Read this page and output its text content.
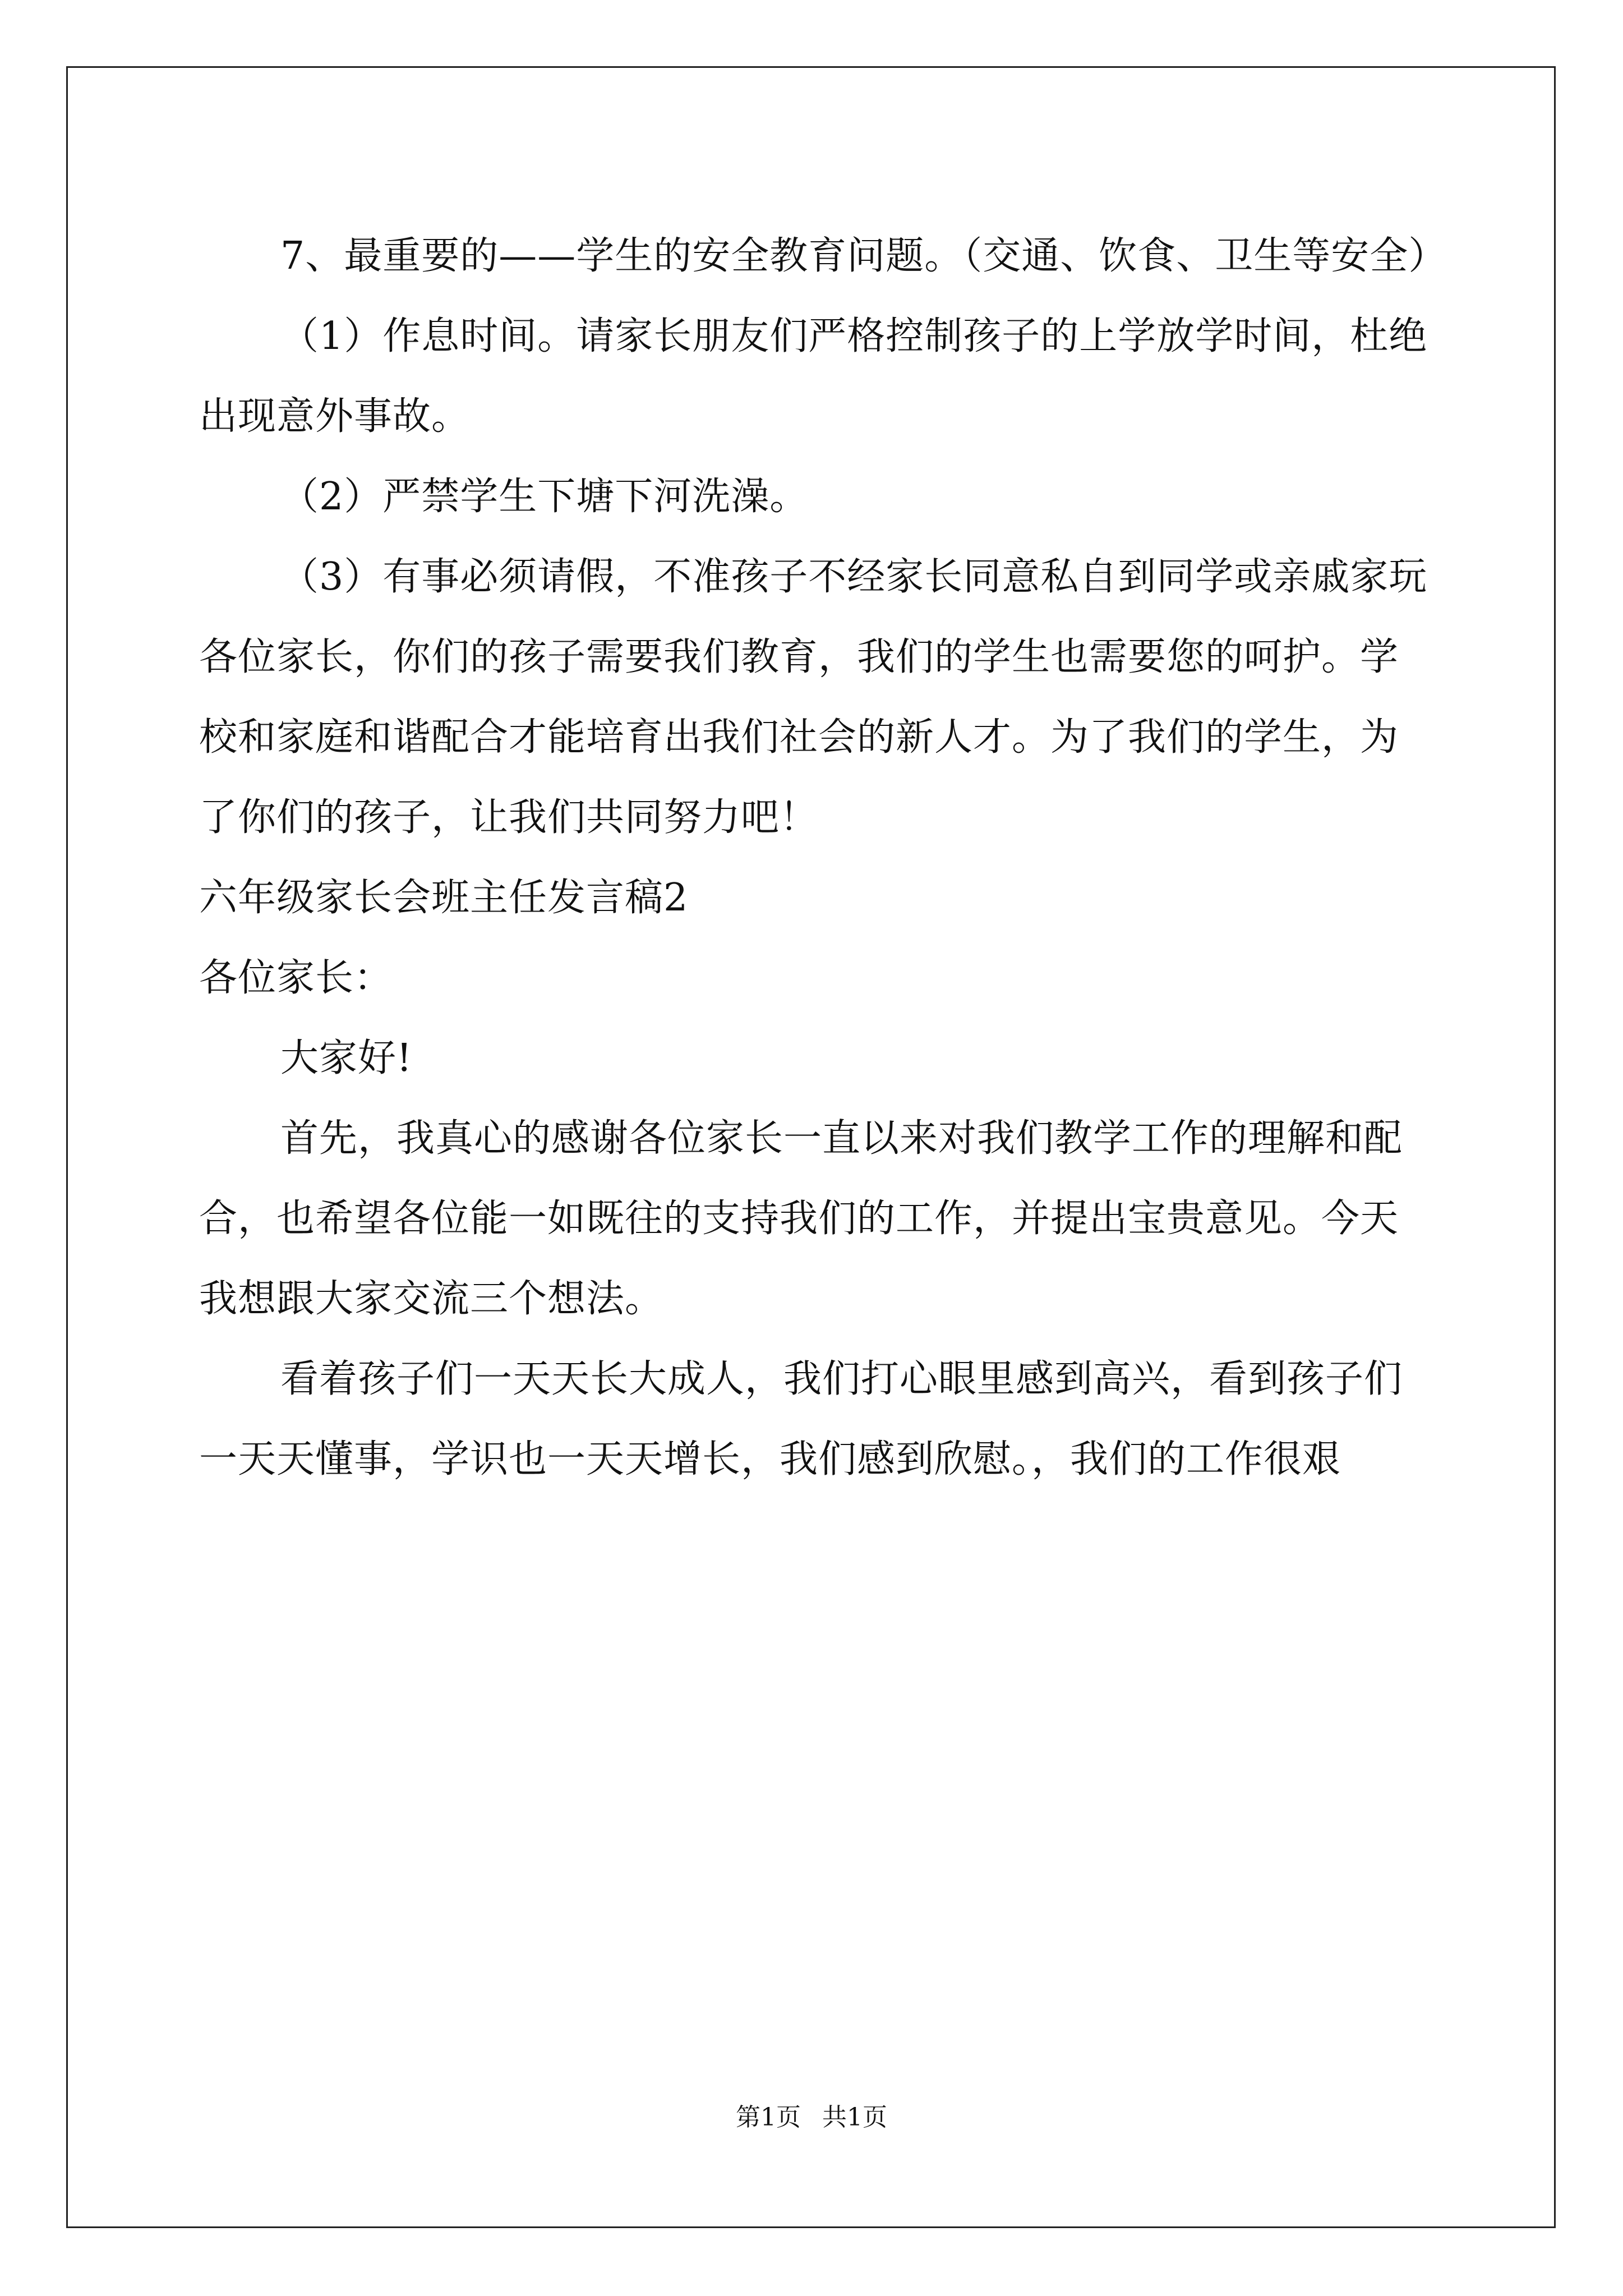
7、最重要的——学生的安全教育问题。（交通、饮食、卫生等安全）

（1）作息时间。请家长朋友们严格控制孩子的上学放学时间，杜绝出现意外事故。

（2）严禁学生下塘下河洗澡。

（3）有事必须请假，不准孩子不经家长同意私自到同学或亲戚家玩各位家长，你们的孩子需要我们教育，我们的学生也需要您的呵护。学校和家庭和谐配合才能培育出我们社会的新人才。为了我们的学生，为了你们的孩子，让我们共同努力吧！

六年级家长会班主任发言稿2

各位家长：

大家好!

首先，我真心的感谢各位家长一直以来对我们教学工作的理解和配合，也希望各位能一如既往的支持我们的工作，并提出宝贵意见。今天我想跟大家交流三个想法。

看着孩子们一天天长大成人，我们打心眼里感到高兴，看到孩子们一天天懂事，学识也一天天增长，我们感到欣慰。，我们的工作很艰

第1页 共1页
